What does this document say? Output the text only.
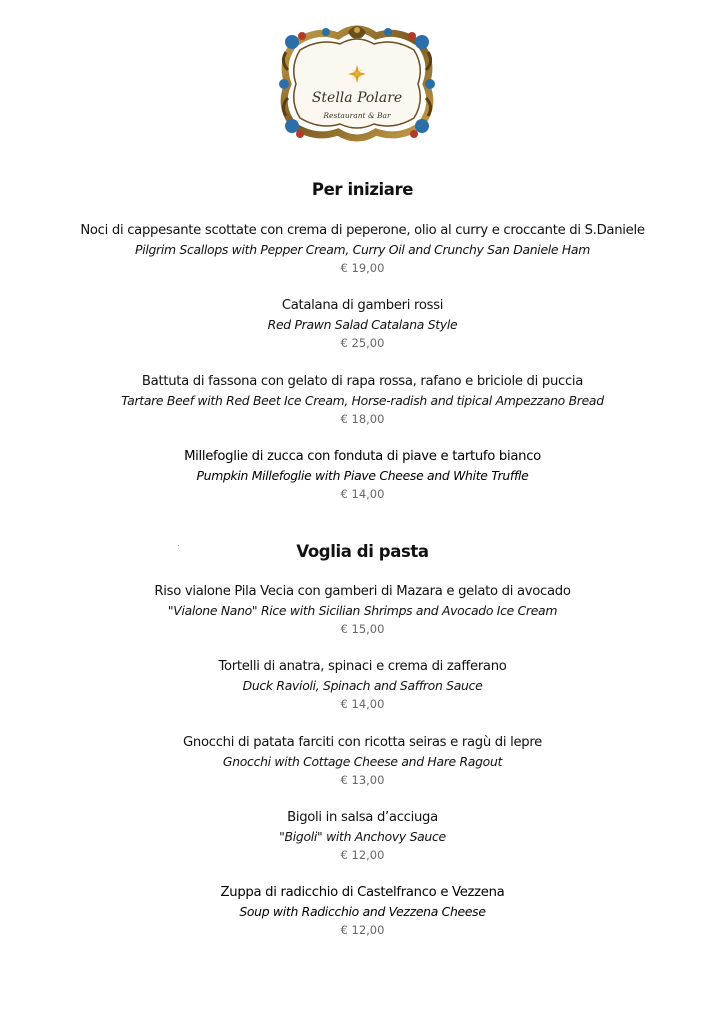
Stella Polare
Restaurant & Bar
Per iniziare
Noci di cappesante scottate con crema di peperone, olio al curry e croccante di S.Daniele
Pilgrim Scallops with Pepper Cream, Curry Oil and Crunchy San Daniele Ham
€ 19,00
Catalana di gamberi rossi
Red Prawn Salad Catalana Style
€ 25,00
Battuta di fassona con gelato di rapa rossa, rafano e briciole di puccia
Tartare Beef with Red Beet Ice Cream, Horse-radish and tipical Ampezzano Bread
€ 18,00
Millefoglie di zucca con fonduta di piave e tartufo bianco
Pumpkin Millefoglie with Piave Cheese and White Truffle
€ 14,00
Voglia di pasta
Riso vialone Pila Vecia con gamberi di Mazara e gelato di avocado
"Vialone Nano" Rice with Sicilian Shrimps and Avocado Ice Cream
€ 15,00
Tortelli di anatra, spinaci e crema di zafferano
Duck Ravioli, Spinach and Saffron Sauce
€ 14,00
Gnocchi di patata farciti con ricotta seiras e ragù di lepre
Gnocchi with Cottage Cheese and Hare Ragout
€ 13,00
Bigoli in salsa d’acciuga
"Bigoli" with Anchovy Sauce
€ 12,00
Zuppa di radicchio di Castelfranco e Vezzena
Soup with Radicchio and Vezzena Cheese
€ 12,00
